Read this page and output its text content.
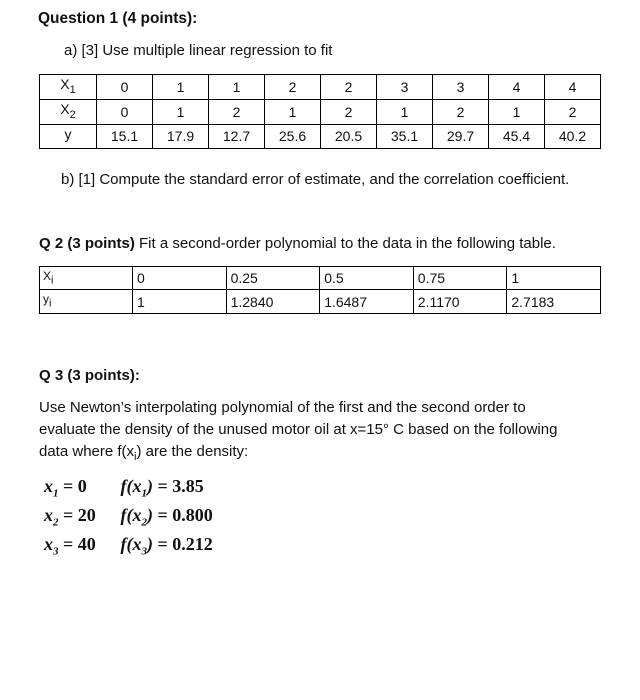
Question 1 (4 points):
a) [3] Use multiple linear regression to fit
$X_1$	0	1	1	2	2	3	3	4	4
$X_2$	0	1	2	1	2	1	2	1	2
y	15.1	17.9	12.7	25.6	20.5	35.1	29.7	45.4	40.2
b) [1] Compute the standard error of estimate, and the correlation coefficient.
Q 2 (3 points) Fit a second-order polynomial to the data in the following table.
$X_i$	0	0.25	0.5	0.75	1
$y_i$	1	1.2840	1.6487	2.1170	2.7183
Q 3 (3 points):
Use Newton’s interpolating polynomial of the first and the second order to
evaluate the density of the unused motor oil at x=15° C based on the following
data where $f(x_i)$ are the density:
$x_1 = 0$ $f(x_1) = 3.85$
$x_2 = 20$ $f(x_2) = 0.800$
$x_3 = 40$ $f(x_3) = 0.212$
